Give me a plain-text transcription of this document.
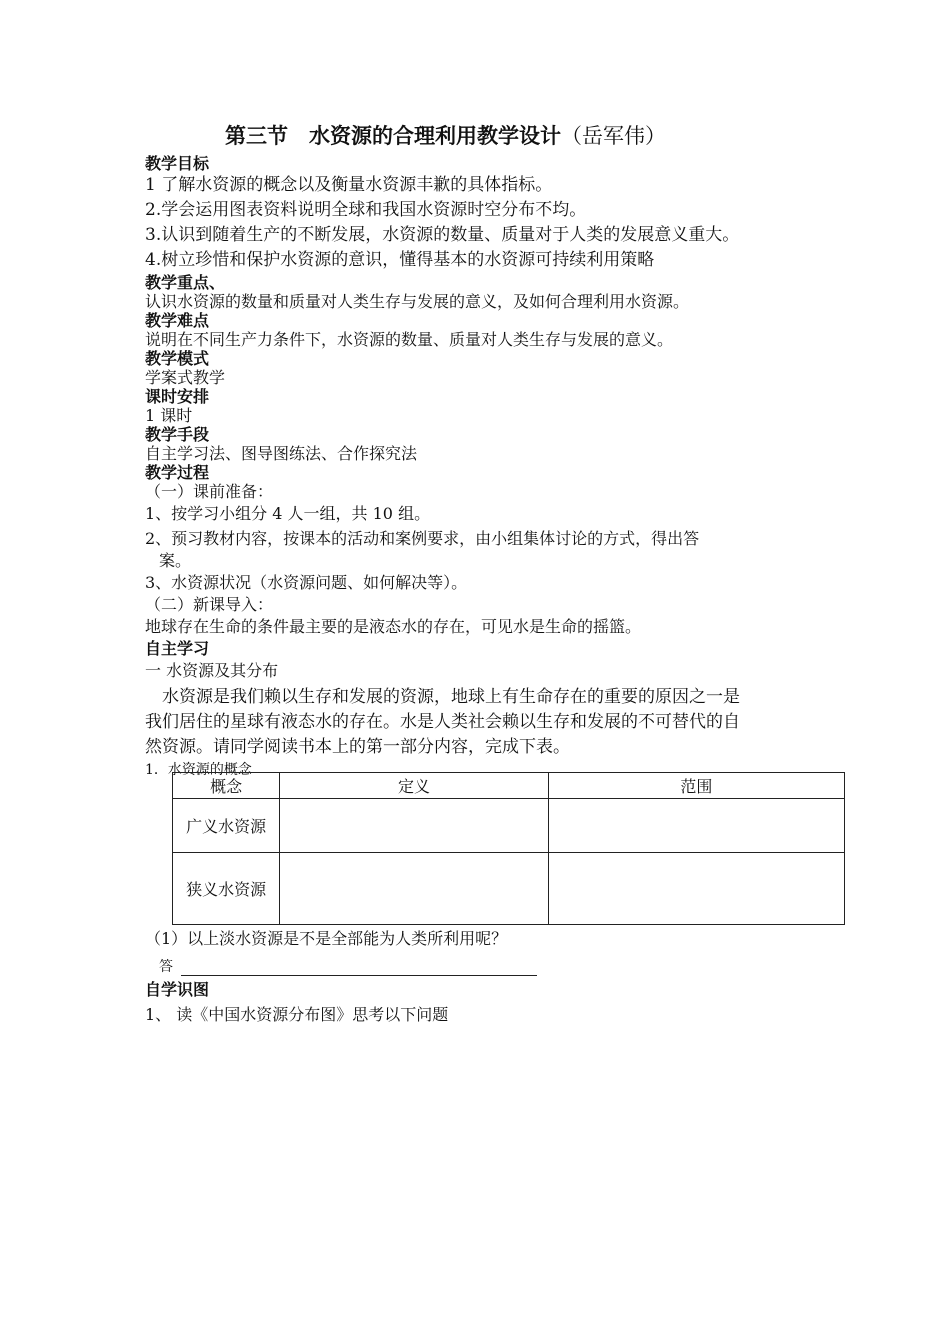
第三节　水资源的合理利用教学设计（岳军伟）
教学目标
1 了解水资源的概念以及衡量水资源丰歉的具体指标。
2.学会运用图表资料说明全球和我国水资源时空分布不均。
3.认识到随着生产的不断发展，水资源的数量、质量对于人类的发展意义重大。
4.树立珍惜和保护水资源的意识，懂得基本的水资源可持续利用策略
教学重点、
认识水资源的数量和质量对人类生存与发展的意义，及如何合理利用水资源。
教学难点
说明在不同生产力条件下，水资源的数量、质量对人类生存与发展的意义。
教学模式
学案式教学
课时安排
1 课时
教学手段
自主学习法、图导图练法、合作探究法
教学过程
（一）课前准备：
1、按学习小组分 4 人一组，共 10 组。
2、预习教材内容，按课本的活动和案例要求，由小组集体讨论的方式，得出答
案。
3、水资源状况（水资源问题、如何解决等）。
（二）新课导入：
地球存在生命的条件最主要的是液态水的存在，可见水是生命的摇篮。
自主学习
一 水资源及其分布

　水资源是我们赖以生存和发展的资源，地球上有生命存在的重要的原因之一是

我们居住的星球有液态水的存在。水是人类社会赖以生存和发展的不可替代的自

然资源。请同学阅读书本上的第一部分内容，完成下表。

1．水资源的概念
概念	定义	范围
广义水资源		
狭义水资源		
（1）以上淡水资源是不是全部能为人类所利用呢？
答
自学识图
1、 读《中国水资源分布图》思考以下问题
